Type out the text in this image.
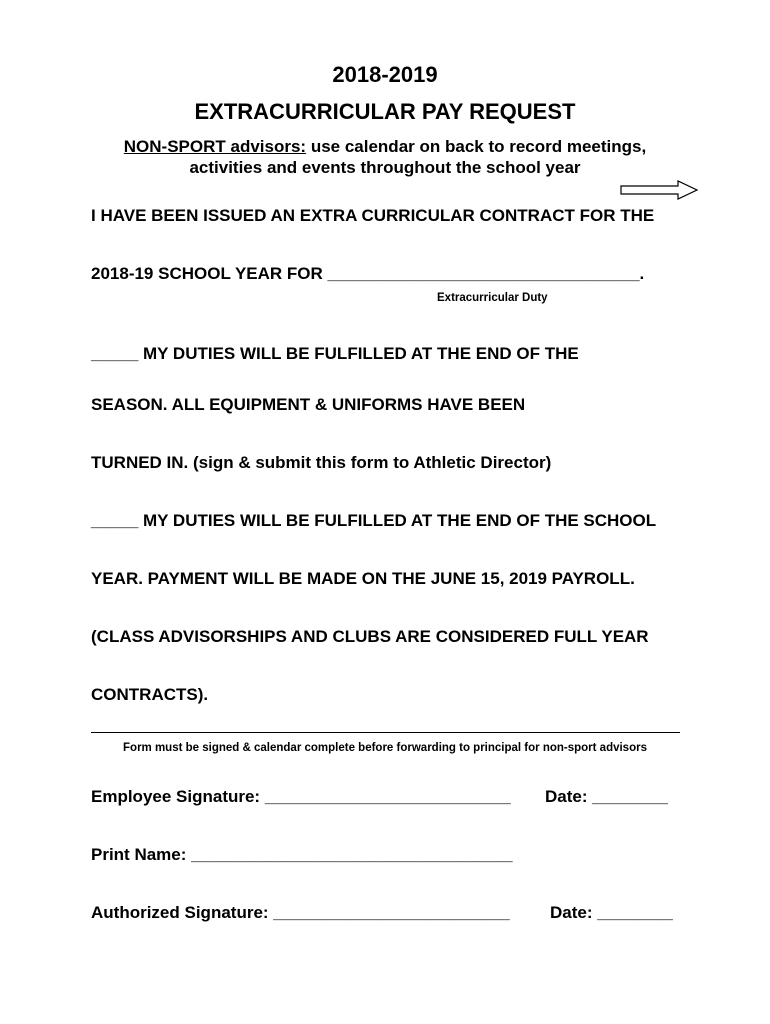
2018-2019
EXTRACURRICULAR PAY REQUEST
NON-SPORT advisors: use calendar on back to record meetings,
activities and events throughout the school year
I HAVE BEEN ISSUED AN EXTRA CURRICULAR CONTRACT FOR THE
2018-19 SCHOOL YEAR FOR _________________________________.
Extracurricular Duty
_____ MY DUTIES WILL BE FULFILLED AT THE END OF THE
SEASON. ALL EQUIPMENT & UNIFORMS HAVE BEEN
TURNED IN. (sign & submit this form to Athletic Director)
_____ MY DUTIES WILL BE FULFILLED AT THE END OF THE SCHOOL
YEAR. PAYMENT WILL BE MADE ON THE JUNE 15, 2019 PAYROLL.
(CLASS ADVISORSHIPS AND CLUBS ARE CONSIDERED FULL YEAR
CONTRACTS).
Form must be signed & calendar complete before forwarding to principal for non-sport advisors
Employee Signature: __________________________ Date: ________
Print Name: __________________________________
Authorized Signature: _________________________ Date: ________
